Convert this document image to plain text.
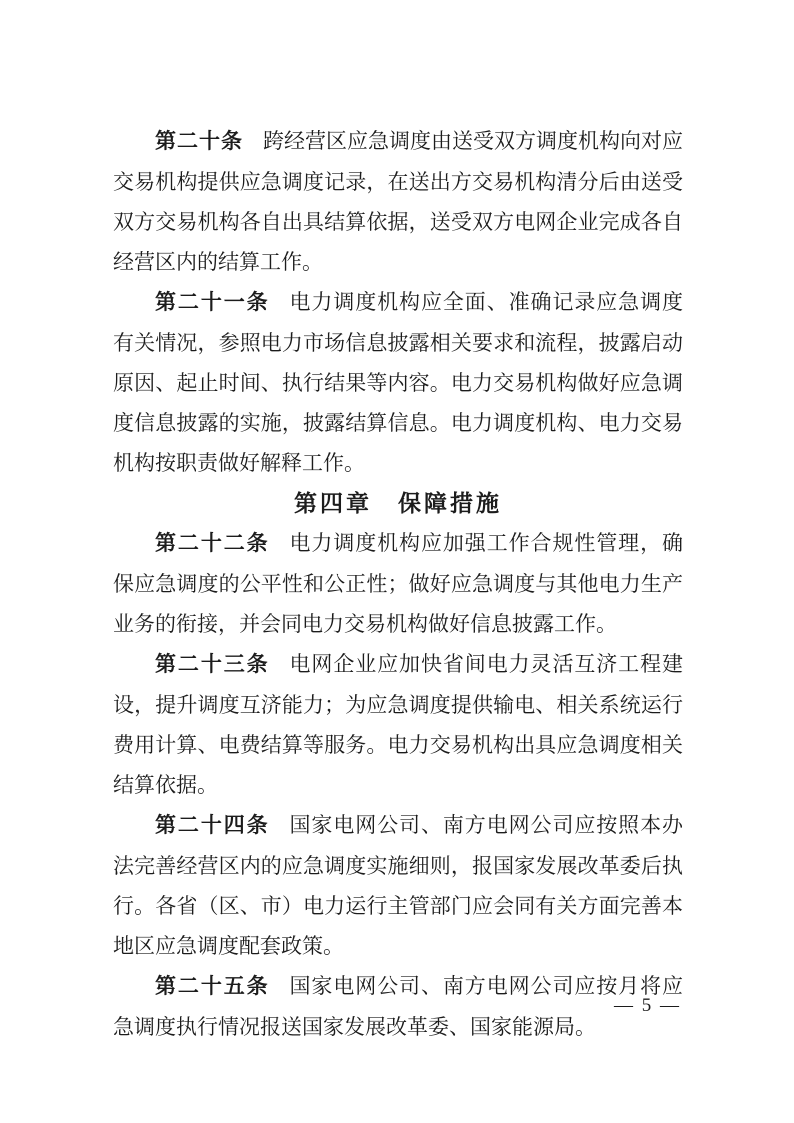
第二十条 跨经营区应急调度由送受双方调度机构向对应交易机构提供应急调度记录，在送出方交易机构清分后由送受双方交易机构各自出具结算依据，送受双方电网企业完成各自经营区内的结算工作。

第二十一条 电力调度机构应全面、准确记录应急调度有关情况，参照电力市场信息披露相关要求和流程，披露启动原因、起止时间、执行结果等内容。电力交易机构做好应急调度信息披露的实施，披露结算信息。电力调度机构、电力交易机构按职责做好解释工作。

第四章　保障措施

第二十二条 电力调度机构应加强工作合规性管理，确保应急调度的公平性和公正性；做好应急调度与其他电力生产业务的衔接，并会同电力交易机构做好信息披露工作。

第二十三条 电网企业应加快省间电力灵活互济工程建设，提升调度互济能力；为应急调度提供输电、相关系统运行费用计算、电费结算等服务。电力交易机构出具应急调度相关结算依据。

第二十四条 国家电网公司、南方电网公司应按照本办法完善经营区内的应急调度实施细则，报国家发展改革委后执行。各省（区、市）电力运行主管部门应会同有关方面完善本地区应急调度配套政策。

第二十五条 国家电网公司、南方电网公司应按月将应急调度执行情况报送国家发展改革委、国家能源局。

— 5 —
